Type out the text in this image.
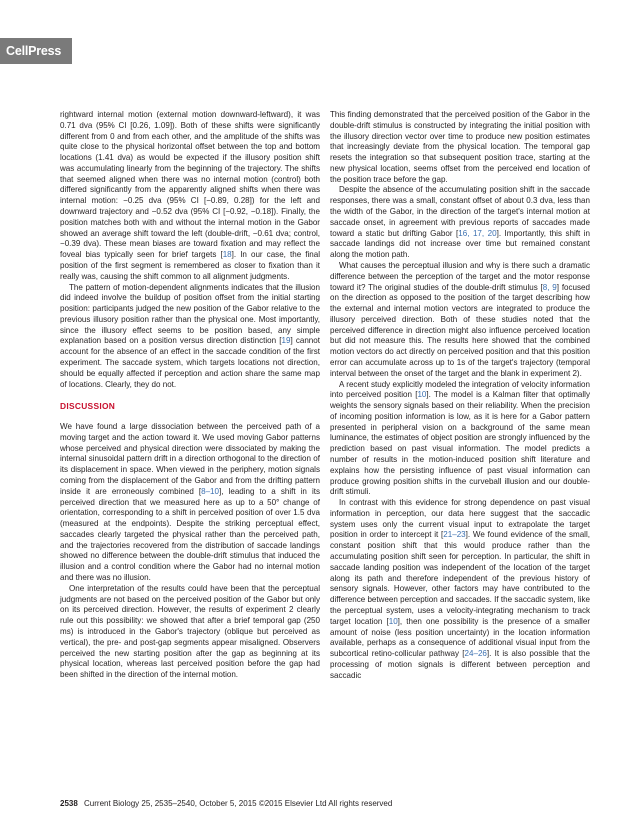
CellPress

rightward internal motion (external motion downward-leftward), it was 0.71 dva (95% CI [0.26, 1.09]). Both of these shifts were significantly different from 0 and from each other, and the amplitude of the shifts was quite close to the physical horizontal offset between the top and bottom locations (1.41 dva) as would be expected if the illusory position shift was accumulating linearly from the beginning of the trajectory. The shifts that seemed aligned when there was no internal motion (control) both differed significantly from the apparently aligned shifts when there was internal motion: −0.25 dva (95% CI [−0.89, 0.28]) for the left and downward trajectory and −0.52 dva (95% CI [−0.92, −0.18]). Finally, the position matches both with and without the internal motion in the Gabor showed an average shift toward the left (double-drift, −0.61 dva; control, −0.39 dva). These mean biases are toward fixation and may reflect the foveal bias typically seen for brief targets [18]. In our case, the final position of the first segment is remembered as closer to fixation than it really was, causing the shift common to all alignment judgments.

The pattern of motion-dependent alignments indicates that the illusion did indeed involve the buildup of position offset from the initial starting position: participants judged the new position of the Gabor relative to the previous illusory position rather than the physical one. Most importantly, since the illusory effect seems to be position based, any simple explanation based on a position versus direction distinction [19] cannot account for the absence of an effect in the saccade condition of the first experiment. The saccade system, which targets locations not direction, should be equally affected if perception and action share the same map of locations. Clearly, they do not.

DISCUSSION

We have found a large dissociation between the perceived path of a moving target and the action toward it. We used moving Gabor patterns whose perceived and physical direction were dissociated by making the internal sinusoidal pattern drift in a direction orthogonal to the direction of its displacement in space. When viewed in the periphery, motion signals coming from the displacement of the Gabor and from the drifting pattern inside it are erroneously combined [8–10], leading to a shift in its perceived direction that we measured here as up to a 50° change of orientation, corresponding to a shift in perceived position of over 1.5 dva (measured at the endpoints). Despite the striking perceptual effect, saccades clearly targeted the physical rather than the perceived path, and the trajectories recovered from the distribution of saccade landings showed no difference between the double-drift stimulus that induced the illusion and a control condition where the Gabor had no internal motion and there was no illusion.

One interpretation of the results could have been that the perceptual judgments are not based on the perceived position of the Gabor but only on its perceived direction. However, the results of experiment 2 clearly rule out this possibility: we showed that after a brief temporal gap (250 ms) is introduced in the Gabor's trajectory (oblique but perceived as vertical), the pre- and post-gap segments appear misaligned. Observers perceived the new starting position after the gap as beginning at its physical location, whereas last perceived position before the gap had been shifted in the direction of the internal motion.

This finding demonstrated that the perceived position of the Gabor in the double-drift stimulus is constructed by integrating the initial position with the illusory direction vector over time to produce new position estimates that increasingly deviate from the physical location. The temporal gap resets the integration so that subsequent position trace, starting at the new physical location, seems offset from the perceived end location of the position trace before the gap.

Despite the absence of the accumulating position shift in the saccade responses, there was a small, constant offset of about 0.3 dva, less than the width of the Gabor, in the direction of the target's internal motion at saccade onset, in agreement with previous reports of saccades made toward a static but drifting Gabor [16, 17, 20]. Importantly, this shift in saccade landings did not increase over time but remained constant along the motion path.

What causes the perceptual illusion and why is there such a dramatic difference between the perception of the target and the motor response toward it? The original studies of the double-drift stimulus [8, 9] focused on the direction as opposed to the position of the target describing how the external and internal motion vectors are integrated to produce the illusory perceived direction. Both of these studies noted that the perceived difference in direction might also influence perceived location but did not measure this. The results here showed that the combined motion vectors do act directly on perceived position and that this position error can accumulate across up to 1s of the target's trajectory (temporal interval between the onset of the target and the blank in experiment 2).

A recent study explicitly modeled the integration of velocity information into perceived position [10]. The model is a Kalman filter that optimally weights the sensory signals based on their reliability. When the precision of incoming position information is low, as it is here for a Gabor pattern presented in peripheral vision on a background of the same mean luminance, the estimates of object position are strongly influenced by the prediction based on past visual information. The model predicts a number of results in the motion-induced position shift literature and explains how the persisting influence of past visual information can produce growing position shifts in the curveball illusion and our double-drift stimuli.

In contrast with this evidence for strong dependence on past visual information in perception, our data here suggest that the saccadic system uses only the current visual input to extrapolate the target position in order to intercept it [21–23]. We found evidence of the small, constant position shift that this would produce rather than the accumulating position shift seen for perception. In particular, the shift in saccade landing position was independent of the location of the target along its path and therefore independent of the previous history of sensory signals. However, other factors may have contributed to the difference between perception and saccades. If the saccadic system, like the perceptual system, uses a velocity-integrating mechanism to track target location [10], then one possibility is the presence of a smaller amount of noise (less position uncertainty) in the location information available, perhaps as a consequence of additional visual input from the subcortical retino-collicular pathway [24–26]. It is also possible that the processing of motion signals is different between perception and saccadic

2538 Current Biology 25, 2535–2540, October 5, 2015 ©2015 Elsevier Ltd All rights reserved
